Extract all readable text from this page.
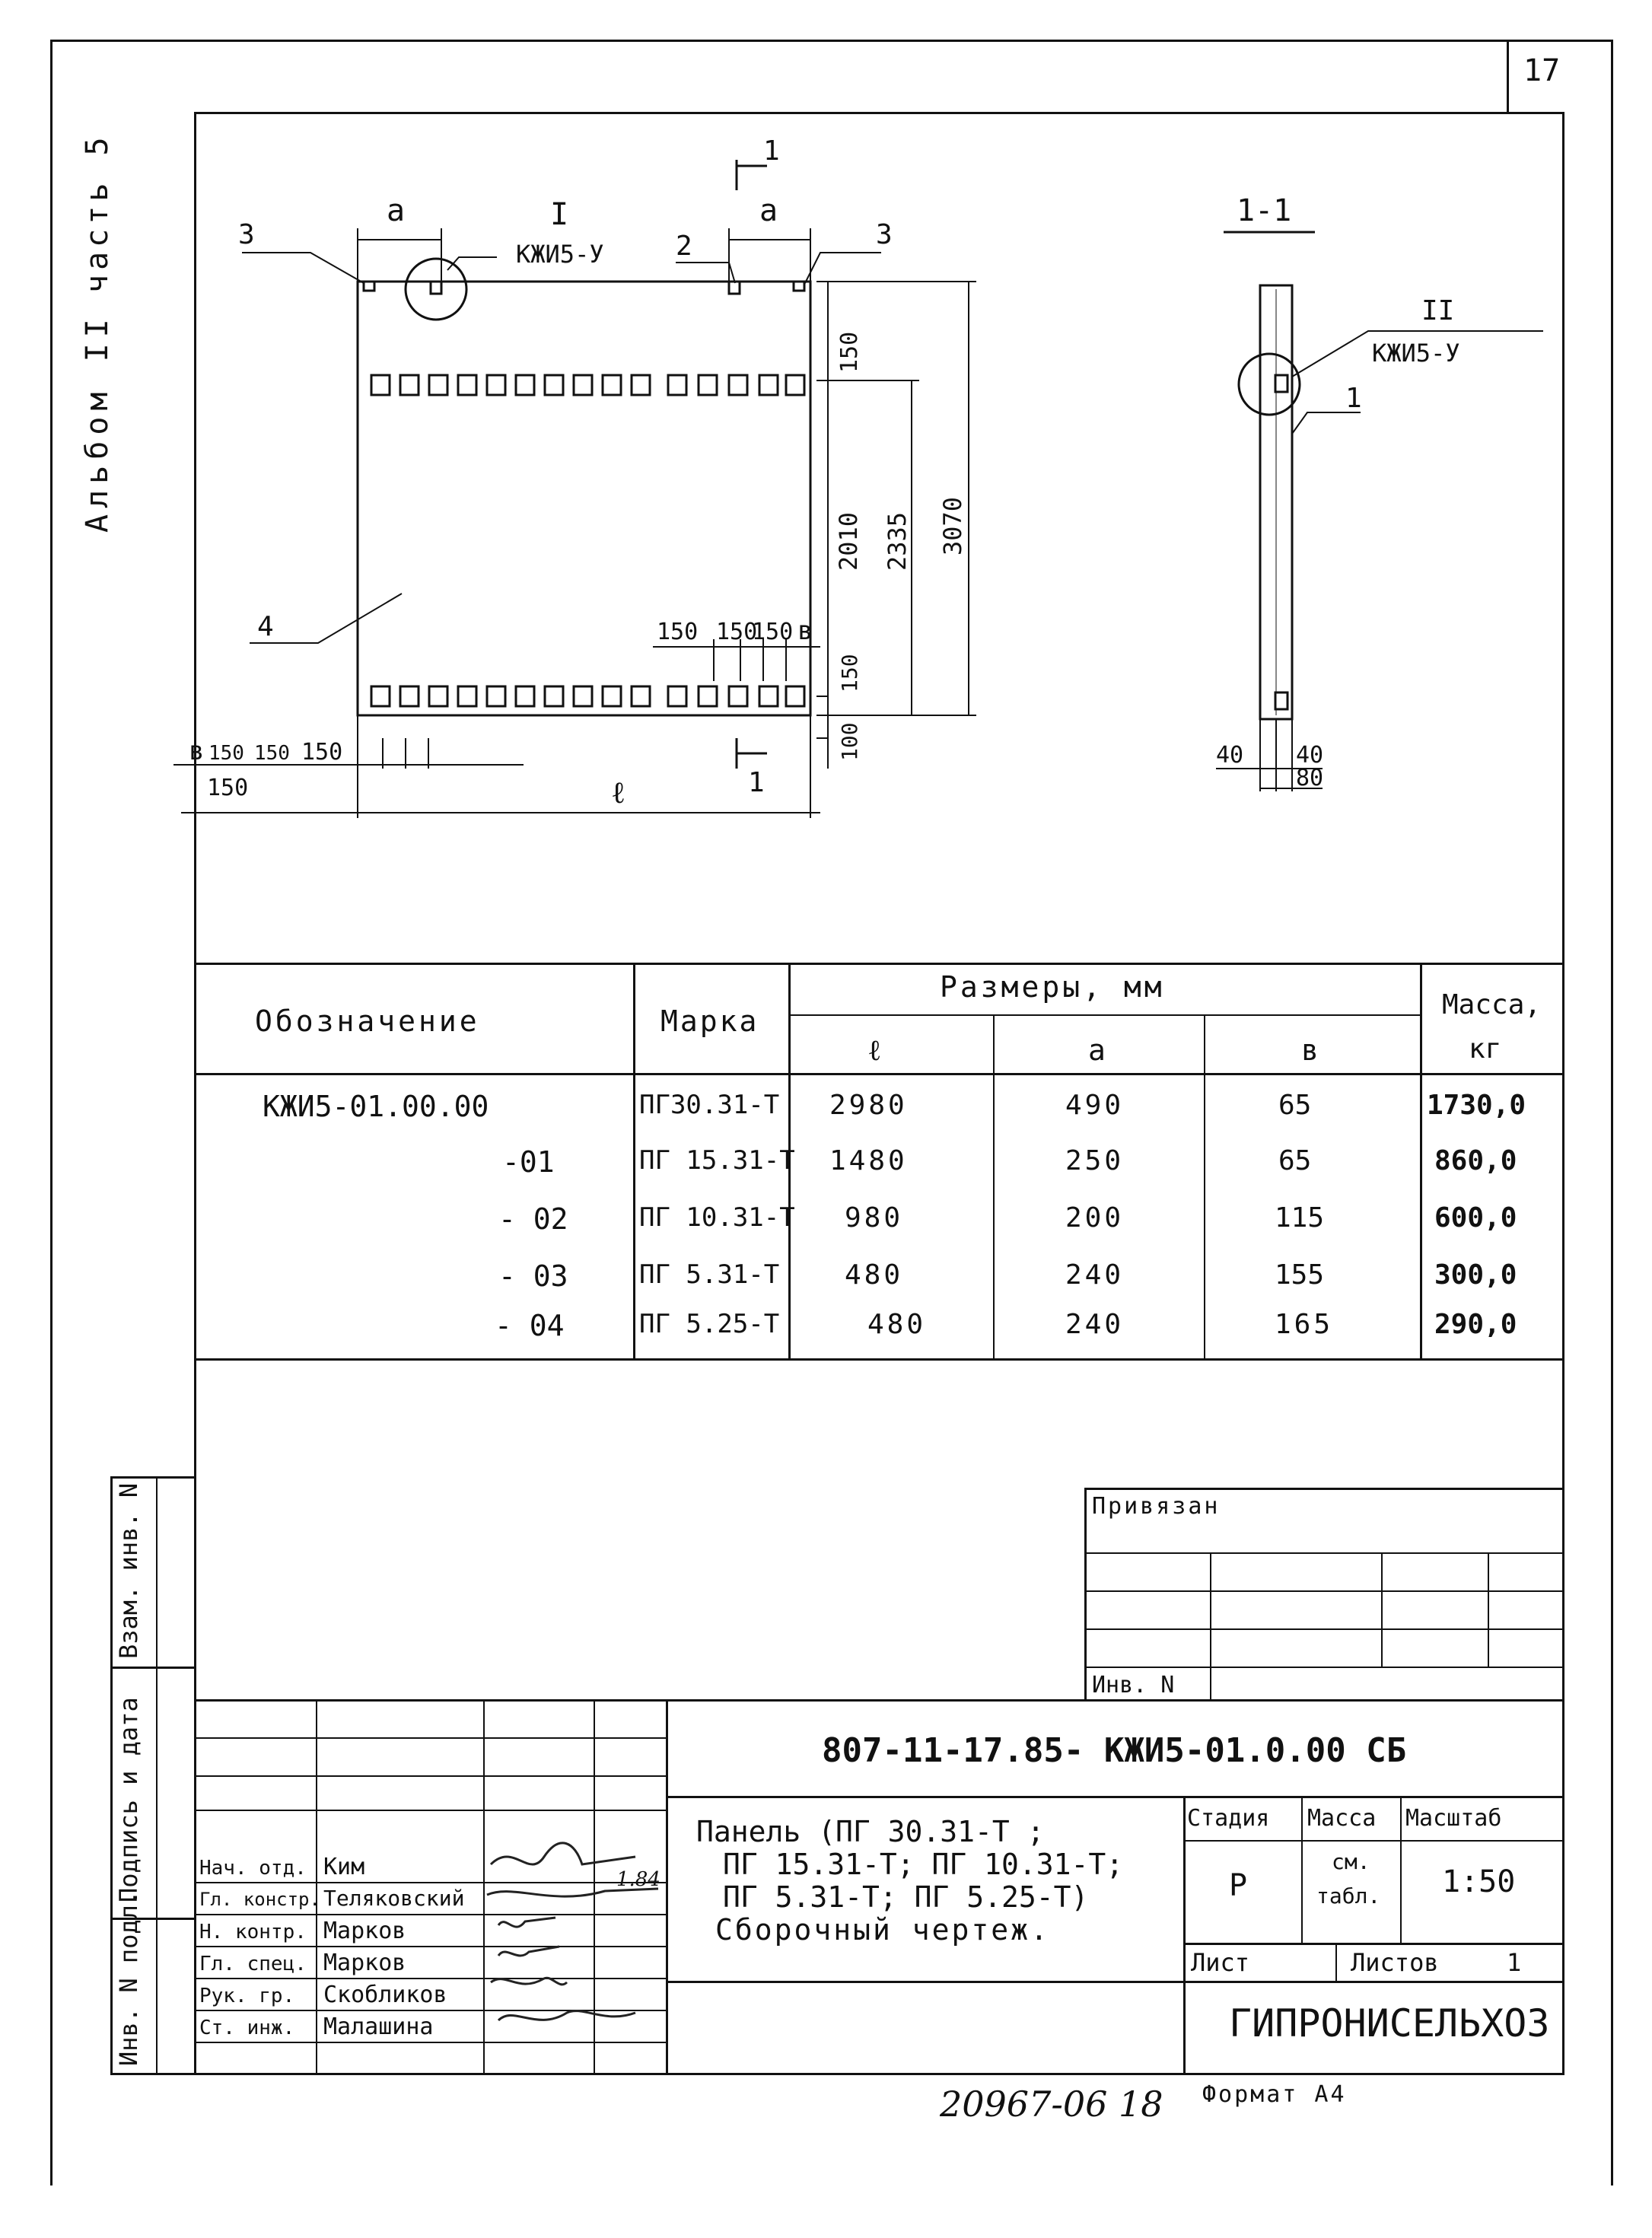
17
Альбом II
часть 5
Взам. инв. N
Подпись и дата
Инв. N подл.
a	a
I
КЖИ5-У
3	3
2
4
1
1
150
2010 2335 3070
150
100
150 150
150 в
в 150 150 150
150	ℓ
1-1
II
КЖИ5-У
1
40 40
80
Обозначение	Марка
Размеры, мм
ℓ	a	в
Масса,
кг
КЖИ5-01.00.00	ПГ30.31-Т 2980	490	65	1730,0
-01	ПГ 15.31-Т 1480	250	65	860,0
- 02	ПГ 10.31-Т 980	200	115	600,0
- 03	ПГ 5.31-Т 480	240	155	300,0
- 04	ПГ 5.25-Т	480	240	165	290,0
Привязан
Инв. N
807-11-17.85- КЖИ5-01.0.00 СБ
Панель (ПГ 30.31-Т ;
ПГ 15.31-Т; ПГ 10.31-Т;
ПГ 5.31-Т; ПГ 5.25-Т)
Сборочный чертеж.
Стадия Масса Масштаб
Р
см.
табл. 1:50
Лист	Листов	1
ГИПРОНИСЕЛЬХОЗ
Нач. отд. Ким
Гл. констр. Теляковский
Н. контр. Марков
Гл. спец. Марков
Рук. гр. Скобликов
Ст. инж. Малашина
1.84
20967-06 18 Формат А4
